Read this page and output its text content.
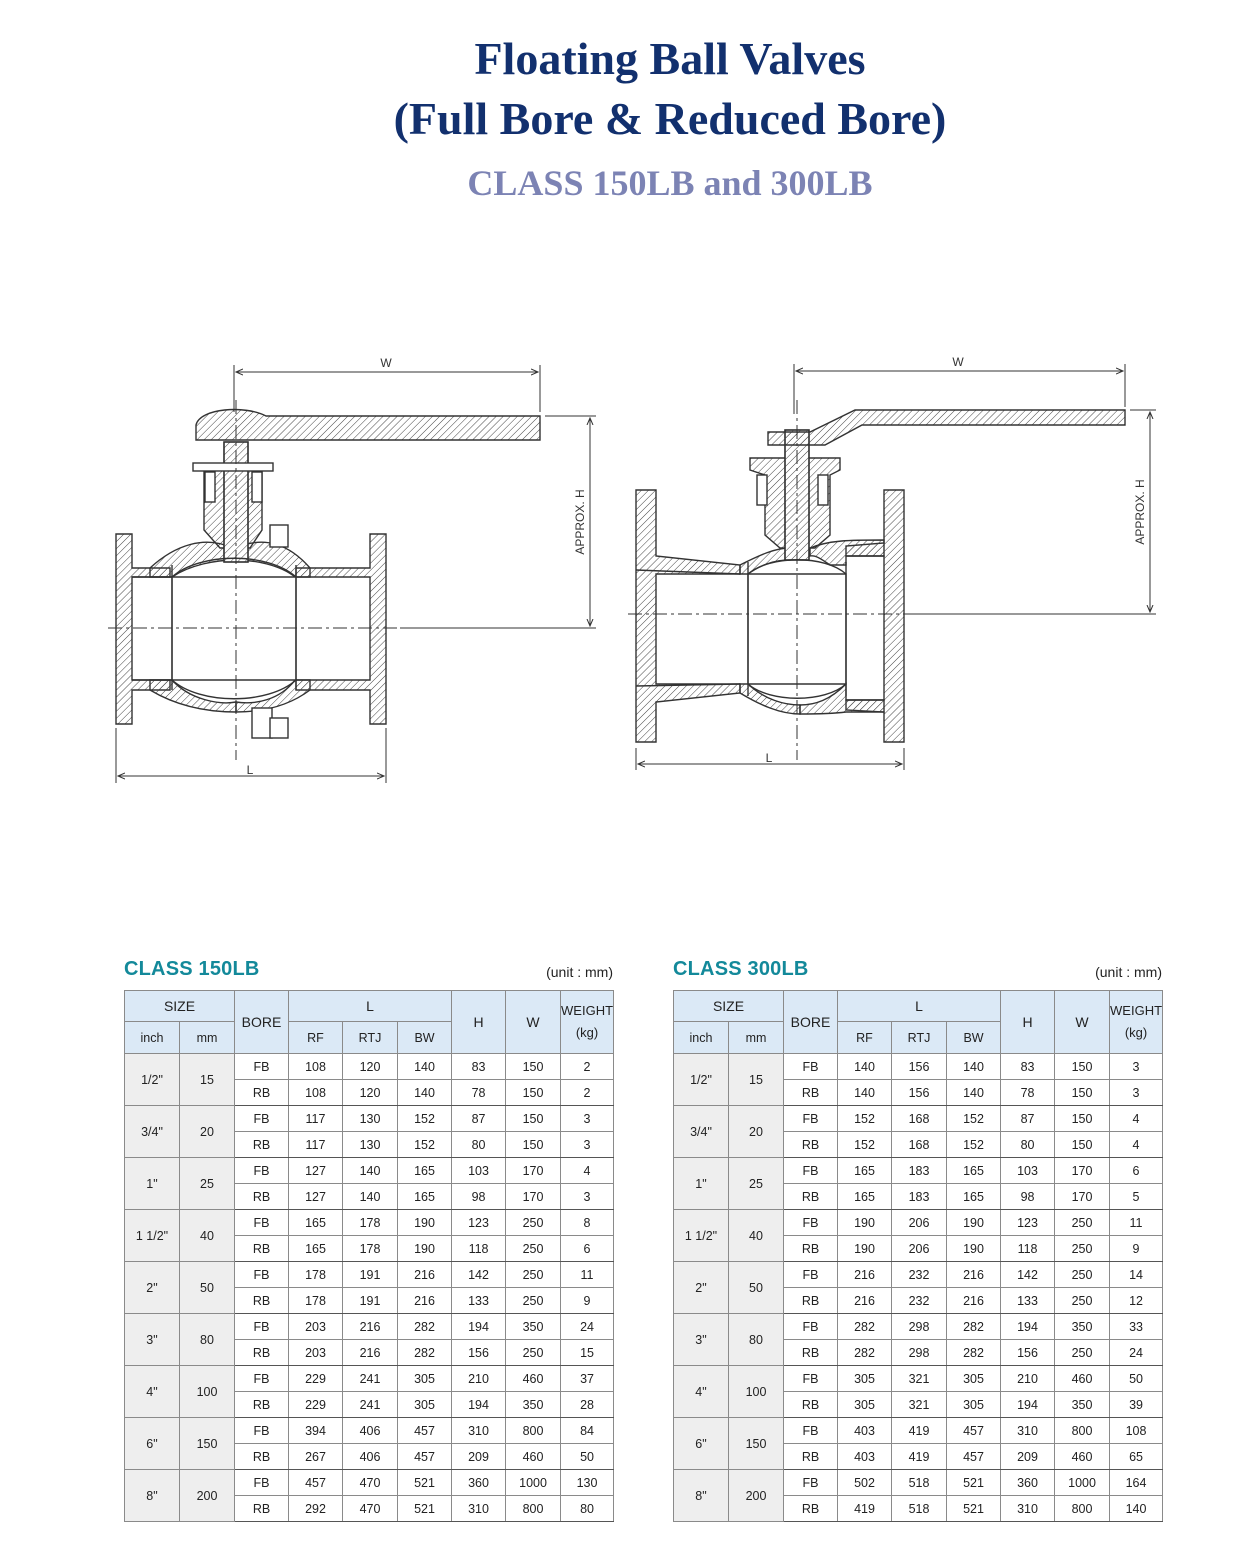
Floating Ball Valves
(Full Bore & Reduced Bore)
CLASS 150LB and 300LB
W
L
APPROX. H
W
L
APPROX. H
CLASS 150LB	(unit : mm)
SIZE		BORE	L			H	W	WEIGHT
(kg)
inch	mm		RF	RTJ	BW			
1/2"	15	FB	108	120	140	83	150	2
		RB	108	120	140	78	150	2
3/4"	20	FB	117	130	152	87	150	3
		RB	117	130	152	80	150	3
1"	25	FB	127	140	165	103	170	4
		RB	127	140	165	98	170	3
1 1/2"	40	FB	165	178	190	123	250	8
		RB	165	178	190	118	250	6
2"	50	FB	178	191	216	142	250	11
		RB	178	191	216	133	250	9
3"	80	FB	203	216	282	194	350	24
		RB	203	216	282	156	250	15
4"	100	FB	229	241	305	210	460	37
		RB	229	241	305	194	350	28
6"	150	FB	394	406	457	310	800	84
		RB	267	406	457	209	460	50
8"	200	FB	457	470	521	360	1000	130
		RB	292	470	521	310	800	80
CLASS 300LB	(unit : mm)
SIZE		BORE	L			H	W	WEIGHT
(kg)
inch	mm		RF	RTJ	BW			
1/2"	15	FB	140	156	140	83	150	3
		RB	140	156	140	78	150	3
3/4"	20	FB	152	168	152	87	150	4
		RB	152	168	152	80	150	4
1"	25	FB	165	183	165	103	170	6
		RB	165	183	165	98	170	5
1 1/2"	40	FB	190	206	190	123	250	11
		RB	190	206	190	118	250	9
2"	50	FB	216	232	216	142	250	14
		RB	216	232	216	133	250	12
3"	80	FB	282	298	282	194	350	33
		RB	282	298	282	156	250	24
4"	100	FB	305	321	305	210	460	50
		RB	305	321	305	194	350	39
6"	150	FB	403	419	457	310	800	108
		RB	403	419	457	209	460	65
8"	200	FB	502	518	521	360	1000	164
		RB	419	518	521	310	800	140
